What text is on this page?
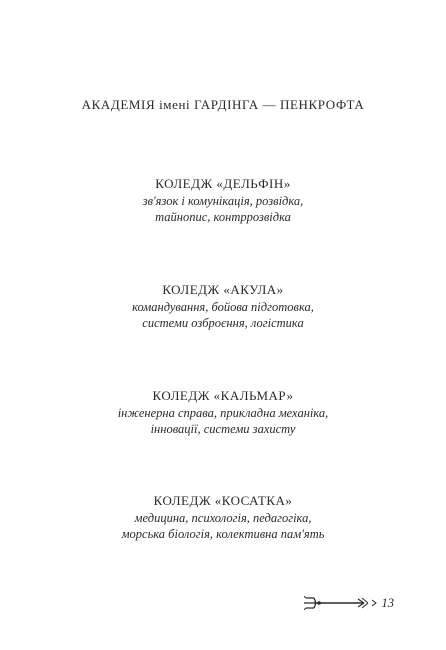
АКАДЕМІЯ імені ГАРДІНГА — ПЕНКРОФТА
КОЛЕДЖ «ДЕЛЬФІН»
зв'язок і комунікація, розвідка,
тайнопис, контррозвідка
КОЛЕДЖ «АКУЛА»
командування, бойова підготовка,
системи озброєння, логістика
КОЛЕДЖ «КАЛЬМАР»
інженерна справа, прикладна механіка,
інновації, системи захисту
КОЛЕДЖ «КОСАТКА»
медицина, психологія, педагогіка,
морська біологія, колективна пам'ять
13
